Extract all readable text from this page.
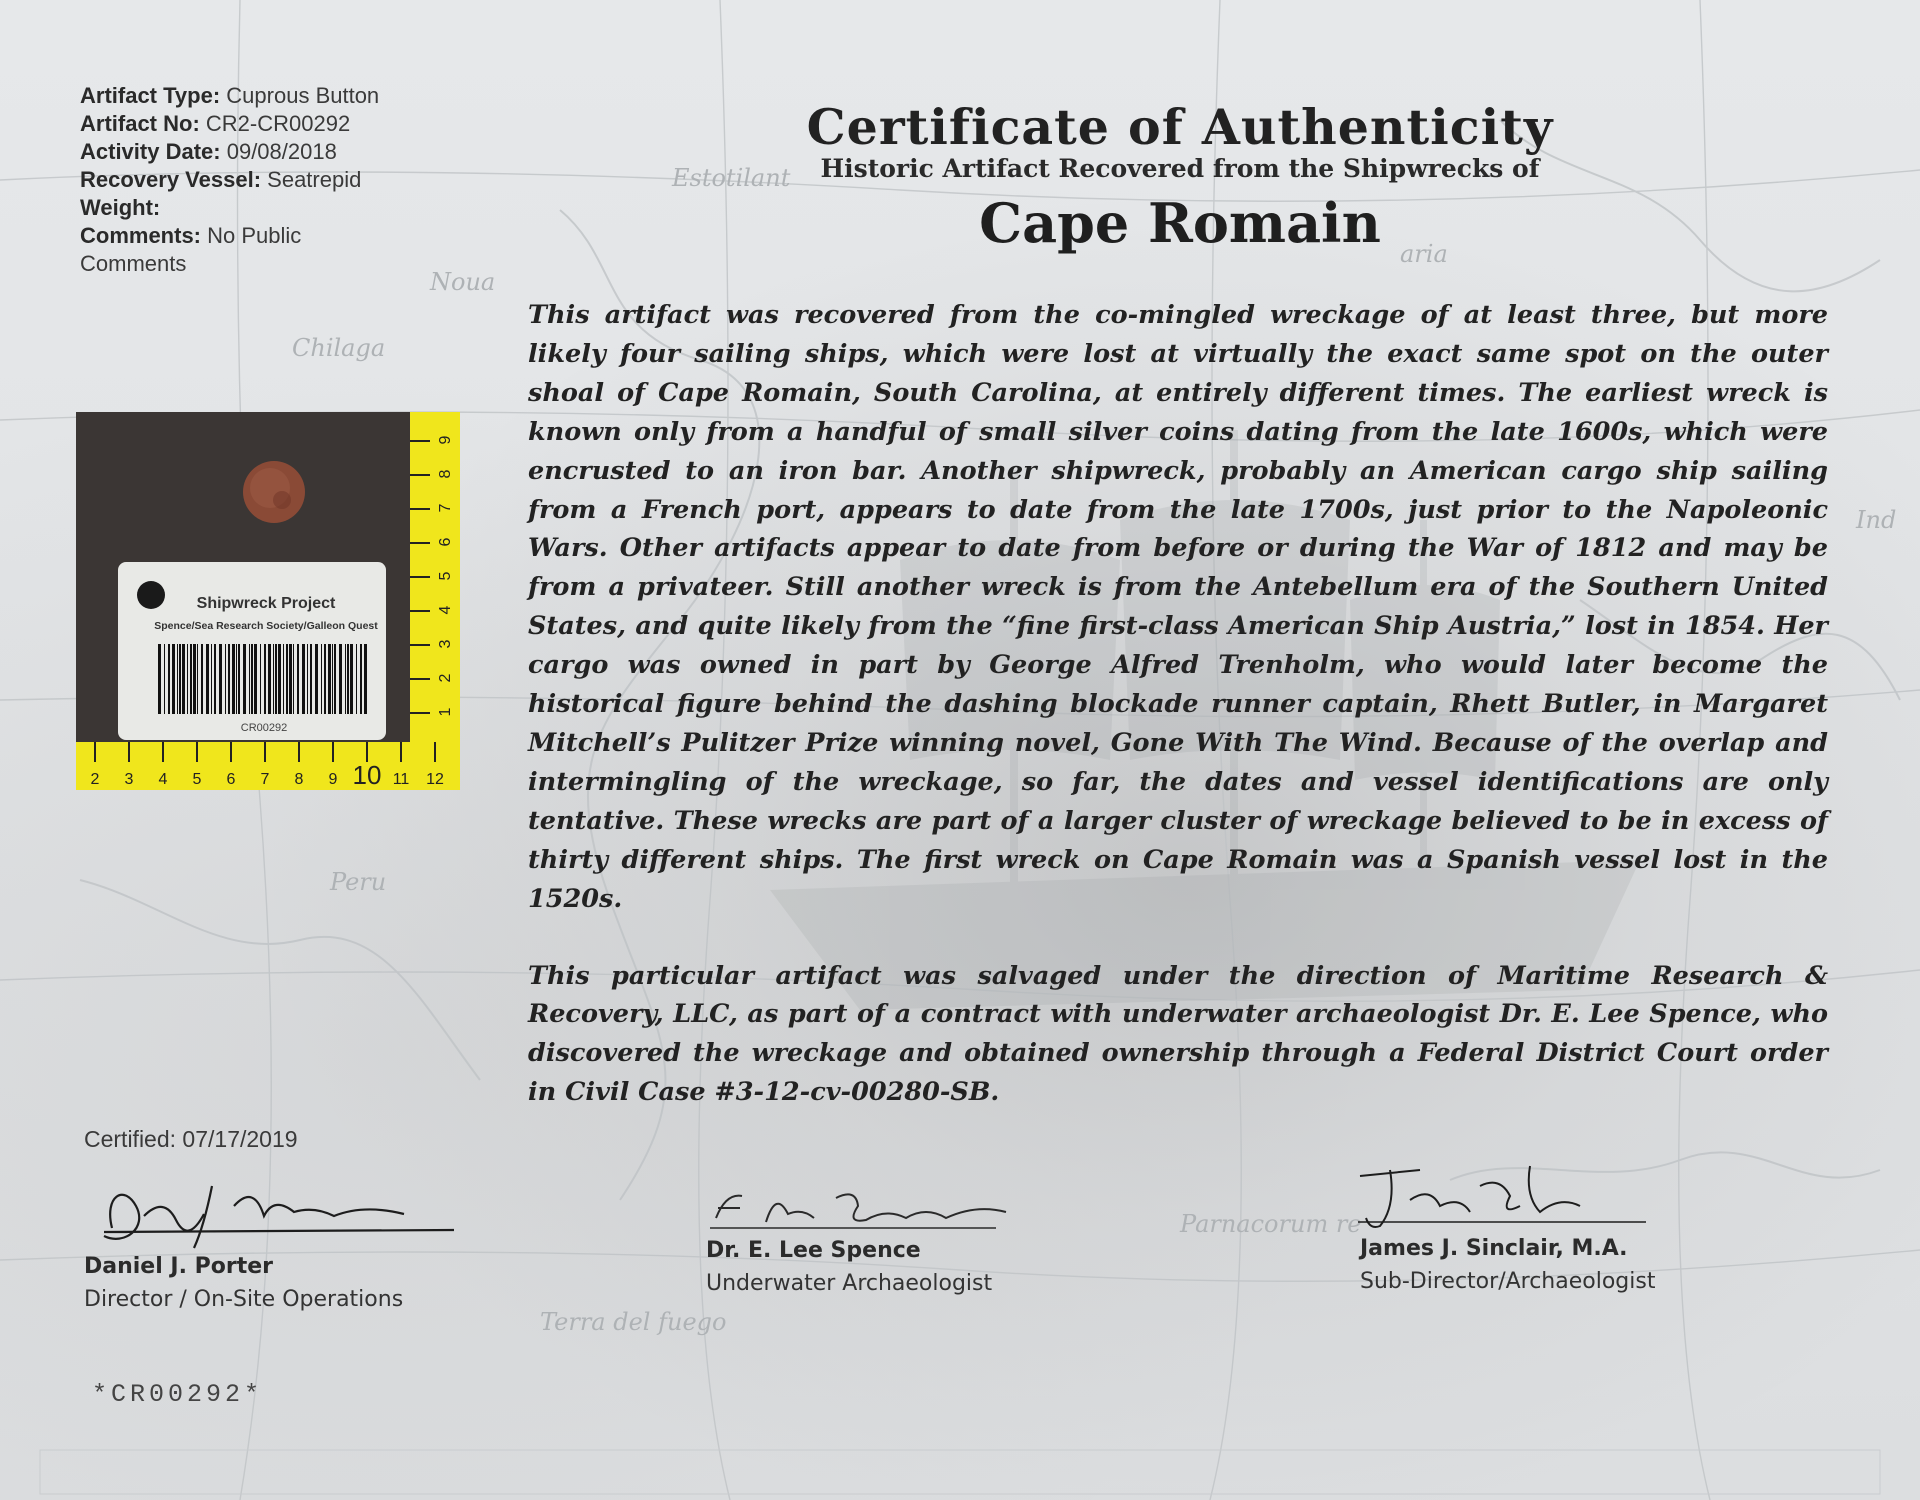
Estotilant
Noua
Chilaga
Peru
Terra del fuego
Parnacorum re
aria
Ind
Artifact Type: Cuprous Button
Artifact No: CR2-CR00292
Activity Date: 09/08/2018
Recovery Vessel: Seatrepid
Weight:
Comments: No Public Comments
Certificate of Authenticity
Historic Artifact Recovered from the Shipwrecks of
Cape Romain
Shipwreck Project
Spence/Sea Research Society/Galleon Quest
CR00292
2 3 4 5 6 7 8 9 10 11 12
1
2
3
4
5
6
7
8
9

This artifact was recovered from the co-mingled wreckage of at least three, but more likely four sailing ships, which were lost at virtually the exact same spot on the outer shoal of Cape Romain, South Carolina, at entirely different times. The earliest wreck is known only from a handful of small silver coins dating from the late 1600s, which were encrusted to an iron bar. Another shipwreck, probably an American cargo ship sailing from a French port, appears to date from the late 1700s, just prior to the Napoleonic Wars. Other artifacts appear to date from before or during the War of 1812 and may be from a privateer. Still another wreck is from the Antebellum era of the Southern United States, and quite likely from the “fine first-class American Ship Austria,” lost in 1854. Her cargo was owned in part by George Alfred Trenholm, who would later become the historical figure behind the dashing blockade runner captain, Rhett Butler, in Margaret Mitchell’s Pulitzer Prize winning novel, Gone With The Wind. Because of the overlap and intermingling of the wreckage, so far, the dates and vessel identifications are only tentative. These wrecks are part of a larger cluster of wreckage believed to be in excess of thirty different ships. The first wreck on Cape Romain was a Spanish vessel lost in the 1520s.

This particular artifact was salvaged under the direction of Maritime Research & Recovery, LLC, as part of a contract with underwater archaeologist Dr. E. Lee Spence, who discovered the wreckage and obtained ownership through a Federal District Court order in Civil Case #3-12-cv-00280-SB.

Certified: 07/17/2019
Daniel J. Porter
Director / On-Site Operations
Dr. E. Lee Spence
Underwater Archaeologist
James J. Sinclair, M.A.
Sub-Director/Archaeologist
*CR00292*
